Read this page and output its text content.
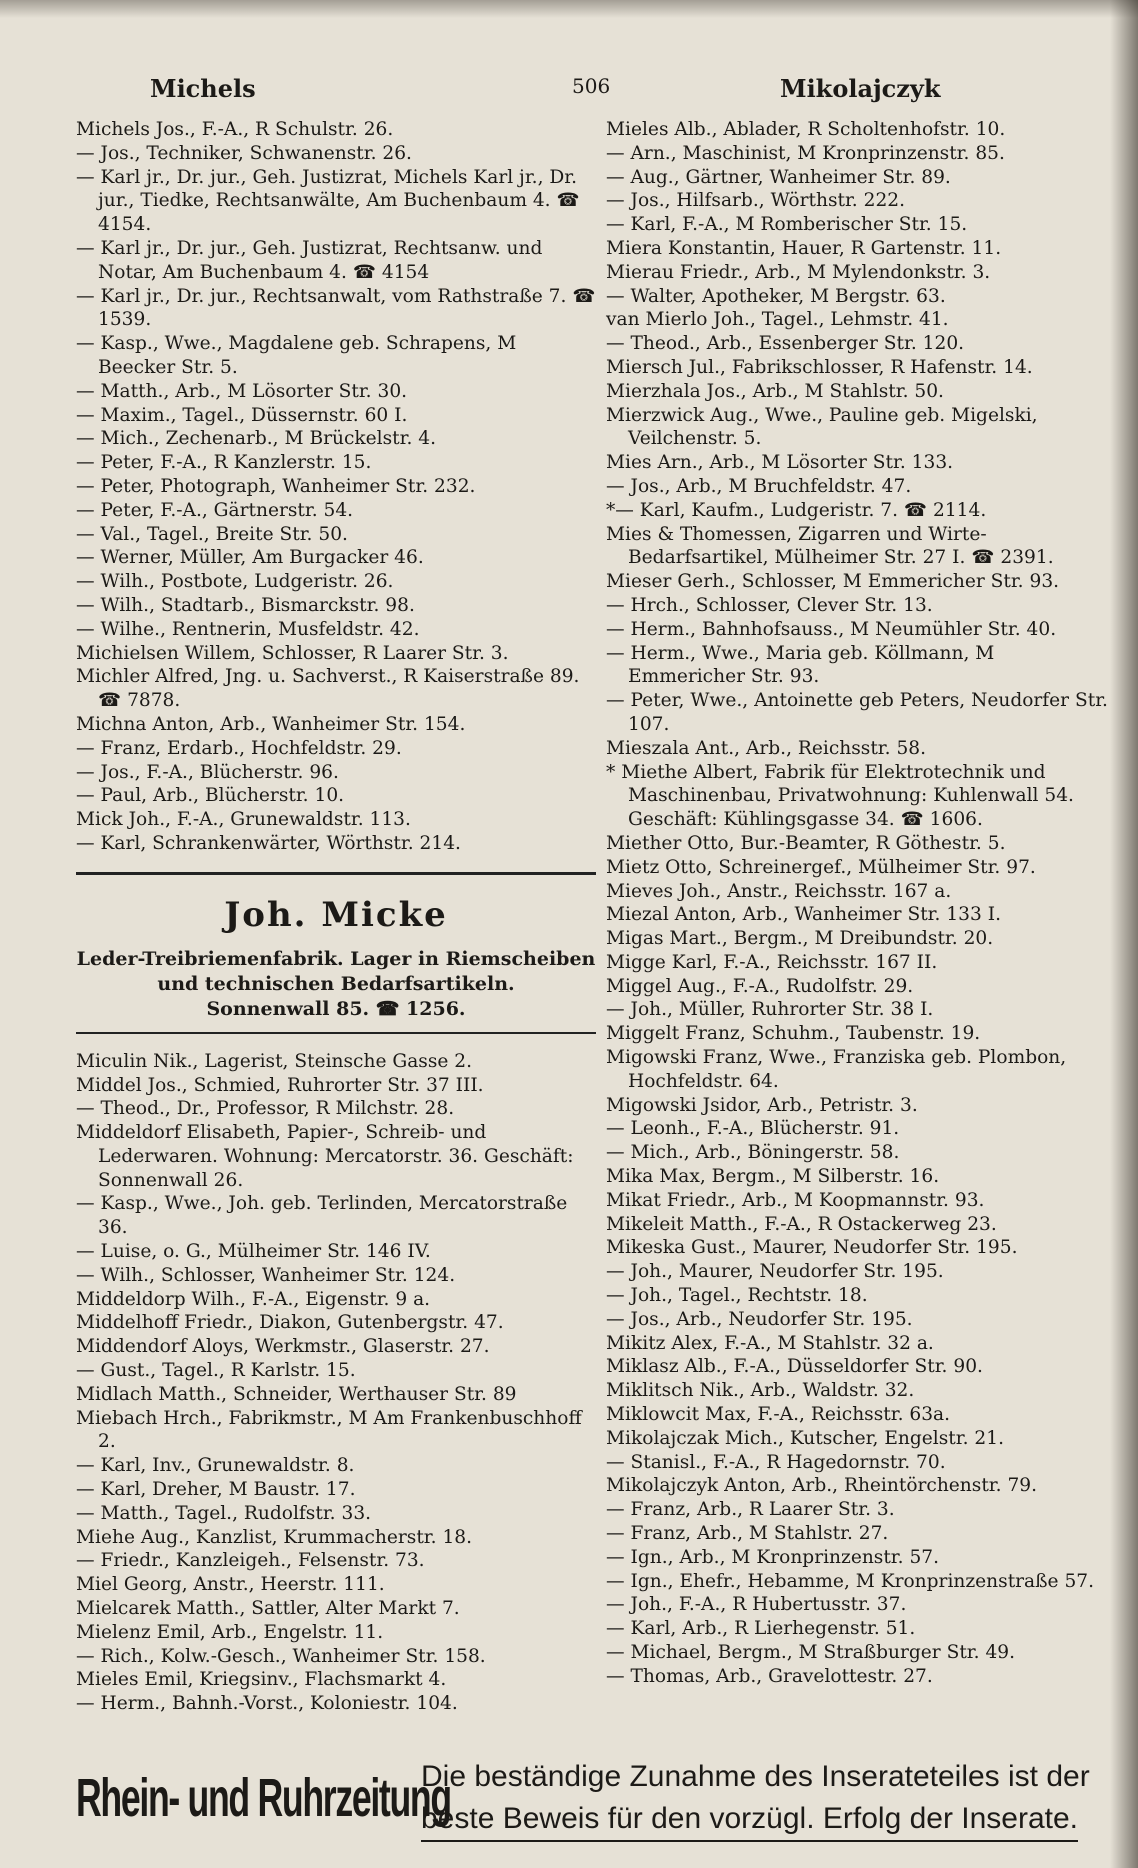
Michels	506	Mikolajczyk

Michels Jos., F.-A., R Schulstr. 26.

— Jos., Techniker, Schwanenstr. 26.

— Karl jr., Dr. jur., Geh. Justizrat, Michels Karl jr., Dr. jur., Tiedke, Rechtsanwälte, Am Buchenbaum 4. ☎ 4154.

— Karl jr., Dr. jur., Geh. Justizrat, Rechtsanw. und Notar, Am Buchenbaum 4. ☎ 4154

— Karl jr., Dr. jur., Rechtsanwalt, vom Rathstraße 7. ☎ 1539.

— Kasp., Wwe., Magdalene geb. Schrapens, M Beecker Str. 5.

— Matth., Arb., M Lösorter Str. 30.

— Maxim., Tagel., Düssernstr. 60 I.

— Mich., Zechenarb., M Brückelstr. 4.

— Peter, F.-A., R Kanzlerstr. 15.

— Peter, Photograph, Wanheimer Str. 232.

— Peter, F.-A., Gärtnerstr. 54.

— Val., Tagel., Breite Str. 50.

— Werner, Müller, Am Burgacker 46.

— Wilh., Postbote, Ludgeristr. 26.

— Wilh., Stadtarb., Bismarckstr. 98.

— Wilhe., Rentnerin, Musfeldstr. 42.

Michielsen Willem, Schlosser, R Laarer Str. 3.

Michler Alfred, Jng. u. Sachverst., R Kaiserstraße 89. ☎ 7878.

Michna Anton, Arb., Wanheimer Str. 154.

— Franz, Erdarb., Hochfeldstr. 29.

— Jos., F.-A., Blücherstr. 96.

— Paul, Arb., Blücherstr. 10.

Mick Joh., F.-A., Grunewaldstr. 113.

— Karl, Schrankenwärter, Wörthstr. 214.

Joh. Micke
Leder-Treibriemenfabrik. Lager in Riemscheiben
und technischen Bedarfsartikeln.
Sonnenwall 85. ☎ 1256.

Miculin Nik., Lagerist, Steinsche Gasse 2.

Middel Jos., Schmied, Ruhrorter Str. 37 III.

— Theod., Dr., Professor, R Milchstr. 28.

Middeldorf Elisabeth, Papier-, Schreib- und Lederwaren. Wohnung: Mercatorstr. 36. Geschäft: Sonnenwall 26.

— Kasp., Wwe., Joh. geb. Terlinden, Mercatorstraße 36.

— Luise, o. G., Mülheimer Str. 146 IV.

— Wilh., Schlosser, Wanheimer Str. 124.

Middeldorp Wilh., F.-A., Eigenstr. 9 a.

Middelhoff Friedr., Diakon, Gutenbergstr. 47.

Middendorf Aloys, Werkmstr., Glaserstr. 27.

— Gust., Tagel., R Karlstr. 15.

Midlach Matth., Schneider, Werthauser Str. 89

Miebach Hrch., Fabrikmstr., M Am Frankenbuschhoff 2.

— Karl, Inv., Grunewaldstr. 8.

— Karl, Dreher, M Baustr. 17.

— Matth., Tagel., Rudolfstr. 33.

Miehe Aug., Kanzlist, Krummacherstr. 18.

— Friedr., Kanzleigeh., Felsenstr. 73.

Miel Georg, Anstr., Heerstr. 111.

Mielcarek Matth., Sattler, Alter Markt 7.

Mielenz Emil, Arb., Engelstr. 11.

— Rich., Kolw.-Gesch., Wanheimer Str. 158.

Mieles Emil, Kriegsinv., Flachsmarkt 4.

— Herm., Bahnh.-Vorst., Koloniestr. 104.

Mieles Alb., Ablader, R Scholtenhofstr. 10.

— Arn., Maschinist, M Kronprinzenstr. 85.

— Aug., Gärtner, Wanheimer Str. 89.

— Jos., Hilfsarb., Wörthstr. 222.

— Karl, F.-A., M Romberischer Str. 15.

Miera Konstantin, Hauer, R Gartenstr. 11.

Mierau Friedr., Arb., M Mylendonkstr. 3.

— Walter, Apotheker, M Bergstr. 63.

van Mierlo Joh., Tagel., Lehmstr. 41.

— Theod., Arb., Essenberger Str. 120.

Miersch Jul., Fabrikschlosser, R Hafenstr. 14.

Mierzhala Jos., Arb., M Stahlstr. 50.

Mierzwick Aug., Wwe., Pauline geb. Migelski, Veilchenstr. 5.

Mies Arn., Arb., M Lösorter Str. 133.

— Jos., Arb., M Bruchfeldstr. 47.

*— Karl, Kaufm., Ludgeristr. 7. ☎ 2114.

Mies & Thomessen, Zigarren und Wirte-Bedarfsartikel, Mülheimer Str. 27 I. ☎ 2391.

Mieser Gerh., Schlosser, M Emmericher Str. 93.

— Hrch., Schlosser, Clever Str. 13.

— Herm., Bahnhofsauss., M Neumühler Str. 40.

— Herm., Wwe., Maria geb. Köllmann, M Emmericher Str. 93.

— Peter, Wwe., Antoinette geb Peters, Neudorfer Str. 107.

Mieszala Ant., Arb., Reichsstr. 58.

* Miethe Albert, Fabrik für Elektrotechnik und Maschinenbau, Privatwohnung: Kuhlenwall 54. Geschäft: Kühlingsgasse 34. ☎ 1606.

Miether Otto, Bur.-Beamter, R Göthestr. 5.

Mietz Otto, Schreinergef., Mülheimer Str. 97.

Mieves Joh., Anstr., Reichsstr. 167 a.

Miezal Anton, Arb., Wanheimer Str. 133 I.

Migas Mart., Bergm., M Dreibundstr. 20.

Migge Karl, F.-A., Reichsstr. 167 II.

Miggel Aug., F.-A., Rudolfstr. 29.

— Joh., Müller, Ruhrorter Str. 38 I.

Miggelt Franz, Schuhm., Taubenstr. 19.

Migowski Franz, Wwe., Franziska geb. Plombon, Hochfeldstr. 64.

Migowski Jsidor, Arb., Petristr. 3.

— Leonh., F.-A., Blücherstr. 91.

— Mich., Arb., Böningerstr. 58.

Mika Max, Bergm., M Silberstr. 16.

Mikat Friedr., Arb., M Koopmannstr. 93.

Mikeleit Matth., F.-A., R Ostackerweg 23.

Mikeska Gust., Maurer, Neudorfer Str. 195.

— Joh., Maurer, Neudorfer Str. 195.

— Joh., Tagel., Rechtstr. 18.

— Jos., Arb., Neudorfer Str. 195.

Mikitz Alex, F.-A., M Stahlstr. 32 a.

Miklasz Alb., F.-A., Düsseldorfer Str. 90.

Miklitsch Nik., Arb., Waldstr. 32.

Miklowcit Max, F.-A., Reichsstr. 63a.

Mikolajczak Mich., Kutscher, Engelstr. 21.

— Stanisl., F.-A., R Hagedornstr. 70.

Mikolajczyk Anton, Arb., Rheintörchenstr. 79.

— Franz, Arb., R Laarer Str. 3.

— Franz, Arb., M Stahlstr. 27.

— Ign., Arb., M Kronprinzenstr. 57.

— Ign., Ehefr., Hebamme, M Kronprinzenstraße 57.

— Joh., F.-A., R Hubertusstr. 37.

— Karl, Arb., R Lierhegenstr. 51.

— Michael, Bergm., M Straßburger Str. 49.

— Thomas, Arb., Gravelottestr. 27.

Rhein- und Ruhrzeitung
Die beständige Zunahme des Inserateteiles ist der
beste Beweis für den vorzügl. Erfolg der Inserate.
